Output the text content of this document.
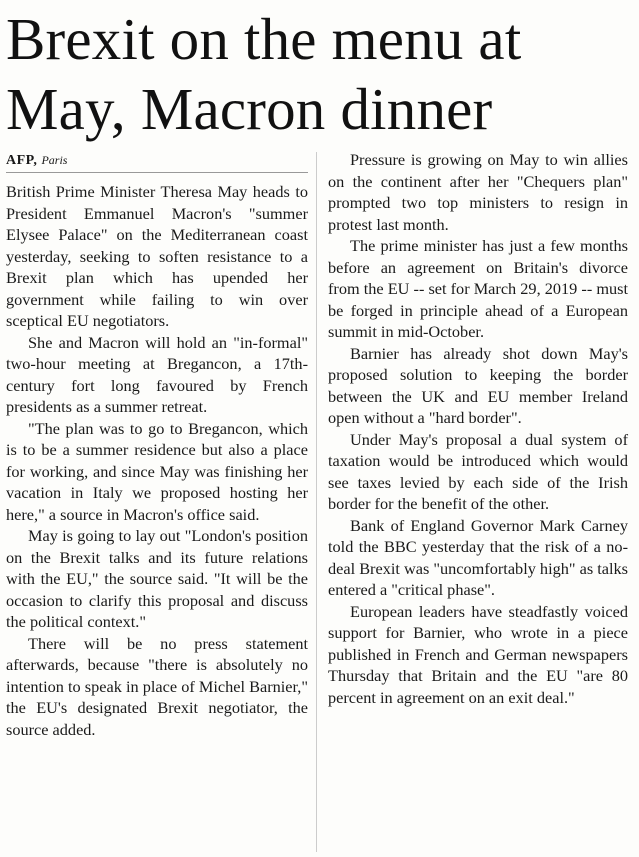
Brexit on the menu at May, Macron dinner
AFP, Paris

British Prime Minister Theresa May heads to President Emmanuel Macron's "summer Elysee Palace" on the Mediterranean coast yesterday, seeking to soften resistance to a Brexit plan which has upended her government while failing to win over sceptical EU negotiators.

She and Macron will hold an "in-formal" two-hour meeting at Bregancon, a 17th-century fort long favoured by French presidents as a summer retreat.

"The plan was to go to Bregancon, which is to be a summer residence but also a place for working, and since May was finishing her vacation in Italy we proposed hosting her here," a source in Macron's office said.

May is going to lay out "London's position on the Brexit talks and its future relations with the EU," the source said. "It will be the occasion to clarify this proposal and discuss the political context."

There will be no press statement afterwards, because "there is absolutely no intention to speak in place of Michel Barnier," the EU's designated Brexit negotiator, the source added.

Pressure is growing on May to win allies on the continent after her "Chequers plan" prompted two top ministers to resign in protest last month.

The prime minister has just a few months before an agreement on Britain's divorce from the EU -- set for March 29, 2019 -- must be forged in principle ahead of a European summit in mid-October.

Barnier has already shot down May's proposed solution to keeping the border between the UK and EU member Ireland open without a "hard border".

Under May's proposal a dual system of taxation would be introduced which would see taxes levied by each side of the Irish border for the benefit of the other.

Bank of England Governor Mark Carney told the BBC yesterday that the risk of a no-deal Brexit was "uncomfortably high" as talks entered a "critical phase".

European leaders have steadfastly voiced support for Barnier, who wrote in a piece published in French and German newspapers Thursday that Britain and the EU "are 80 percent in agreement on an exit deal."
